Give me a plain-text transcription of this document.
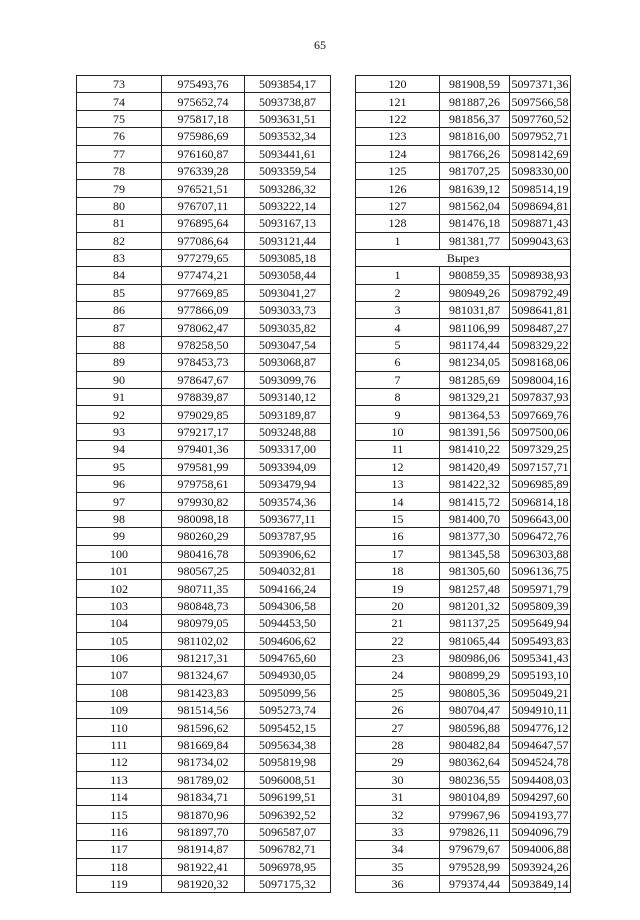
65
73	975493,76	5093854,17
74	975652,74	5093738,87
75	975817,18	5093631,51
76	975986,69	5093532,34
77	976160,87	5093441,61
78	976339,28	5093359,54
79	976521,51	5093286,32
80	976707,11	5093222,14
81	976895,64	5093167,13
82	977086,64	5093121,44
83	977279,65	5093085,18
84	977474,21	5093058,44
85	977669,85	5093041,27
86	977866,09	5093033,73
87	978062,47	5093035,82
88	978258,50	5093047,54
89	978453,73	5093068,87
90	978647,67	5093099,76
91	978839,87	5093140,12
92	979029,85	5093189,87
93	979217,17	5093248,88
94	979401,36	5093317,00
95	979581,99	5093394,09
96	979758,61	5093479,94
97	979930,82	5093574,36
98	980098,18	5093677,11
99	980260,29	5093787,95
100	980416,78	5093906,62
101	980567,25	5094032,81
102	980711,35	5094166,24
103	980848,73	5094306,58
104	980979,05	5094453,50
105	981102,02	5094606,62
106	981217,31	5094765,60
107	981324,67	5094930,05
108	981423,83	5095099,56
109	981514,56	5095273,74
110	981596,62	5095452,15
111	981669,84	5095634,38
112	981734,02	5095819,98
113	981789,02	5096008,51
114	981834,71	5096199,51
115	981870,96	5096392,52
116	981897,70	5096587,07
117	981914,87	5096782,71
118	981922,41	5096978,95
119	981920,32	5097175,32
120	981908,59	5097371,36
121	981887,26	5097566,58
122	981856,37	5097760,52
123	981816,00	5097952,71
124	981766,26	5098142,69
125	981707,25	5098330,00
126	981639,12	5098514,19
127	981562,04	5098694,81
128	981476,18	5098871,43
1	981381,77	5099043,63
Вырез		
1	980859,35	5098938,93
2	980949,26	5098792,49
3	981031,87	5098641,81
4	981106,99	5098487,27
5	981174,44	5098329,22
6	981234,05	5098168,06
7	981285,69	5098004,16
8	981329,21	5097837,93
9	981364,53	5097669,76
10	981391,56	5097500,06
11	981410,22	5097329,25
12	981420,49	5097157,71
13	981422,32	5096985,89
14	981415,72	5096814,18
15	981400,70	5096643,00
16	981377,30	5096472,76
17	981345,58	5096303,88
18	981305,60	5096136,75
19	981257,48	5095971,79
20	981201,32	5095809,39
21	981137,25	5095649,94
22	981065,44	5095493,83
23	980986,06	5095341,43
24	980899,29	5095193,10
25	980805,36	5095049,21
26	980704,47	5094910,11
27	980596,88	5094776,12
28	980482,84	5094647,57
29	980362,64	5094524,78
30	980236,55	5094408,03
31	980104,89	5094297,60
32	979967,96	5094193,77
33	979826,11	5094096,79
34	979679,67	5094006,88
35	979528,99	5093924,26
36	979374,44	5093849,14
